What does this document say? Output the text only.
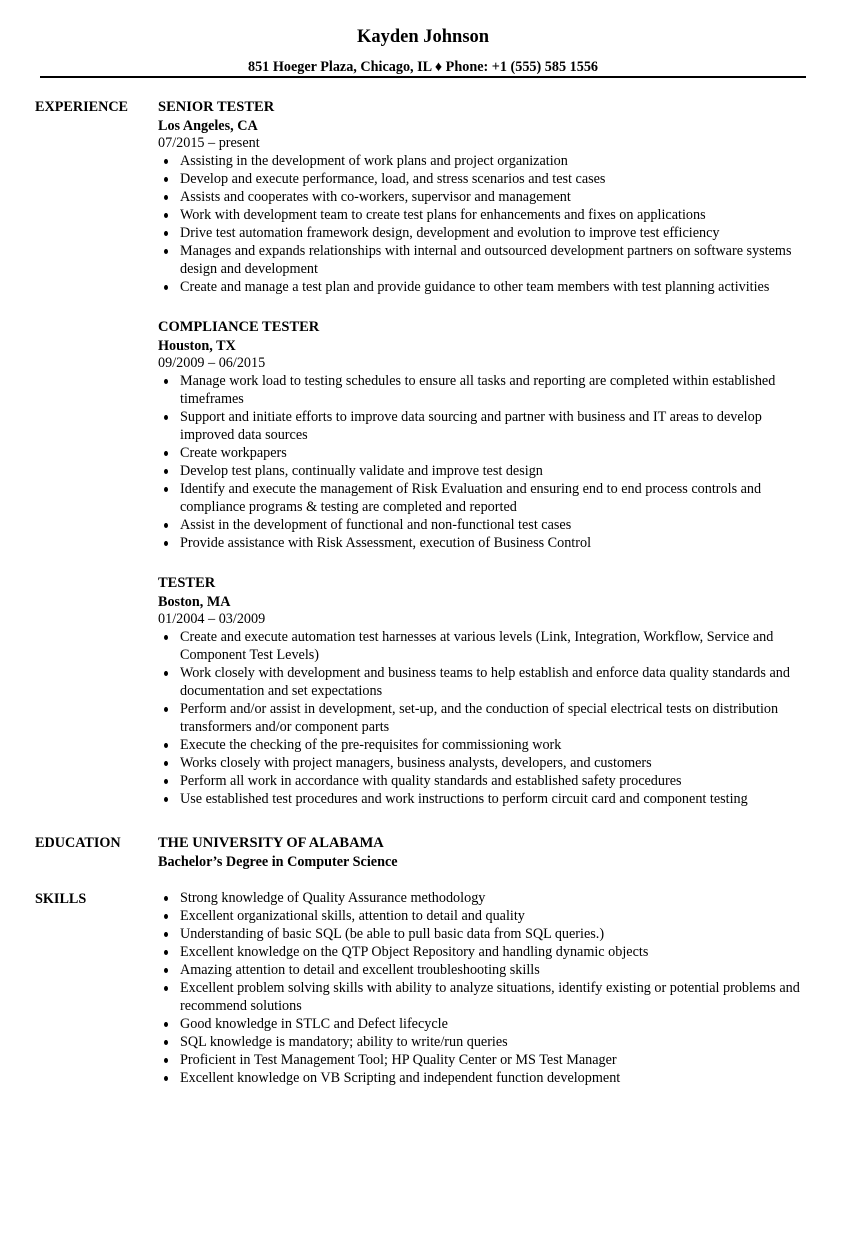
Kayden Johnson
851 Hoeger Plaza, Chicago, IL ♦ Phone: +1 (555) 585 1556
EXPERIENCE SENIOR TESTER
Los Angeles, CA
07/2015 – present
Assisting in the development of work plans and project organization
Develop and execute performance, load, and stress scenarios and test cases
Assists and cooperates with co-workers, supervisor and management
Work with development team to create test plans for enhancements and fixes on applications
Drive test automation framework design, development and evolution to improve test efficiency
Manages and expands relationships with internal and outsourced development partners on software systems design and development
Create and manage a test plan and provide guidance to other team members with test planning activities
COMPLIANCE TESTER
Houston, TX
09/2009 – 06/2015
Manage work load to testing schedules to ensure all tasks and reporting are completed within established timeframes
Support and initiate efforts to improve data sourcing and partner with business and IT areas to develop improved data sources
Create workpapers
Develop test plans, continually validate and improve test design
Identify and execute the management of Risk Evaluation and ensuring end to end process controls and compliance programs & testing are completed and reported
Assist in the development of functional and non-functional test cases
Provide assistance with Risk Assessment, execution of Business Control
TESTER
Boston, MA
01/2004 – 03/2009
Create and execute automation test harnesses at various levels (Link, Integration, Workflow, Service and Component Test Levels)
Work closely with development and business teams to help establish and enforce data quality standards and documentation and set expectations
Perform and/or assist in development, set-up, and the conduction of special electrical tests on distribution transformers and/or component parts
Execute the checking of the pre-requisites for commissioning work
Works closely with project managers, business analysts, developers, and customers
Perform all work in accordance with quality standards and established safety procedures
Use established test procedures and work instructions to perform circuit card and component testing
EDUCATION	THE UNIVERSITY OF ALABAMA
Bachelor’s Degree in Computer Science
SKILLS	Strong knowledge of Quality Assurance methodology
Excellent organizational skills, attention to detail and quality
Understanding of basic SQL (be able to pull basic data from SQL queries.)
Excellent knowledge on the QTP Object Repository and handling dynamic objects
Amazing attention to detail and excellent troubleshooting skills
Excellent problem solving skills with ability to analyze situations, identify existing or potential problems and recommend solutions
Good knowledge in STLC and Defect lifecycle
SQL knowledge is mandatory; ability to write/run queries
Proficient in Test Management Tool; HP Quality Center or MS Test Manager
Excellent knowledge on VB Scripting and independent function development
